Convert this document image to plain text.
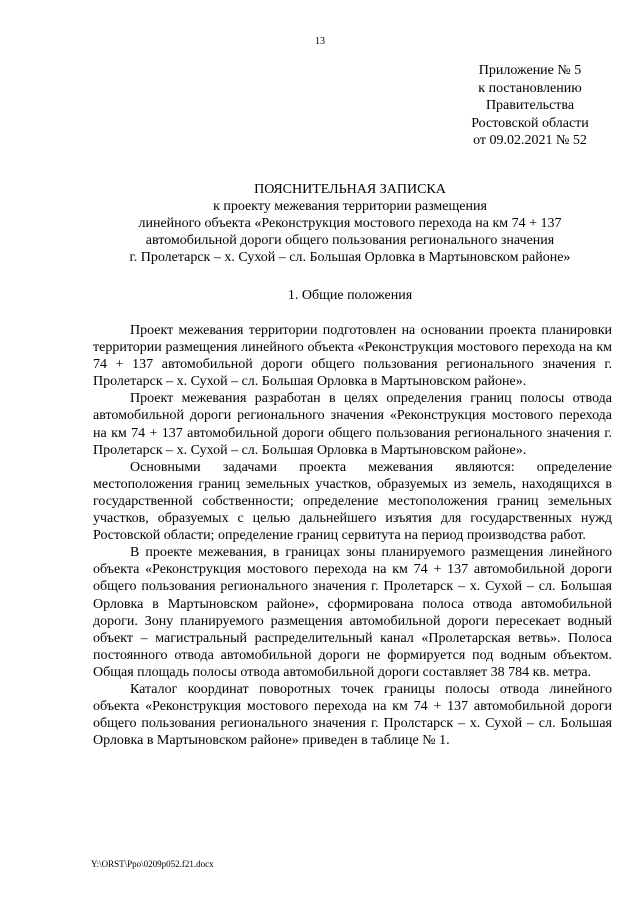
13
Приложение № 5
к постановлению
Правительства
Ростовской области
от 09.02.2021 № 52
ПОЯСНИТЕЛЬНАЯ ЗАПИСКА
к проекту межевания территории размещения
линейного объекта «Реконструкция мостового перехода на км 74 + 137
автомобильной дороги общего пользования регионального значения
г. Пролетарск – х. Сухой – сл. Большая Орловка в Мартыновском районе»
1. Общие положения

Проект межевания территории подготовлен на основании проекта планировки территории размещения линейного объекта «Реконструкция мостового перехода на км 74 + 137 автомобильной дороги общего пользования регионального значения г. Пролетарск – х. Сухой – сл. Большая Орловка в Мартыновском районе».

Проект межевания разработан в целях определения границ полосы отвода автомобильной дороги регионального значения «Реконструкция мостового перехода на км 74 + 137 автомобильной дороги общего пользования регионального значения г. Пролетарск – х. Сухой – сл. Большая Орловка в Мартыновском районе».

Основными задачами проекта межевания являются: определение местоположения границ земельных участков, образуемых из земель, находящихся в государственной собственности; определение местоположения границ земельных участков, образуемых с целью дальнейшего изъятия для государственных нужд Ростовской области; определение границ сервитута на период производства работ.

В проекте межевания, в границах зоны планируемого размещения линейного объекта «Реконструкция мостового перехода на км 74 + 137 автомобильной дороги общего пользования регионального значения г. Пролетарск – х. Сухой – сл. Большая Орловка в Мартыновском районе», сформирована полоса отвода автомобильной дороги. Зону планируемого размещения автомобильной дороги пересекает водный объект – магистральный распределительный канал «Пролетарская ветвь». Полоса постоянного отвода автомобильной дороги не формируется под водным объектом. Общая площадь полосы отвода автомобильной дороги составляет 38 784 кв. метра.

Каталог координат поворотных точек границы полосы отвода линейного объекта «Реконструкция мостового перехода на км 74 + 137 автомобильной дороги общего пользования регионального значения г. Пролстарск – х. Сухой – сл. Большая Орловка в Мартыновском районе» приведен в таблице № 1.

Y:\ORST\Ppo\0209p052.f21.docx
